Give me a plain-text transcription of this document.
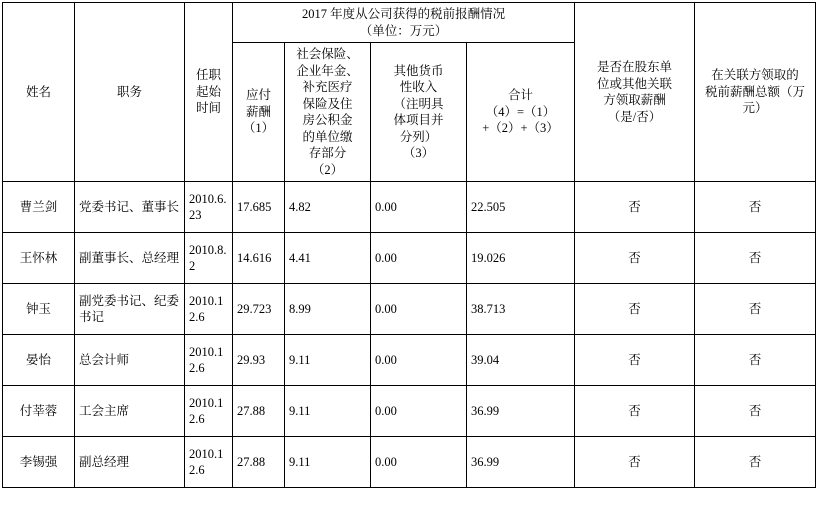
姓名	职务	
任职
起始
时间

2017 年度从公司获得的税前报酬情况
（单位：万元）

是否在股东单
位或其他关联
方领取薪酬
（是/否）

在关联方领取的
税前薪酬总额（万
元）

应付
薪酬
（1）

社会保险、
企业年金、
补充医疗
保险及住
房公积金
的单位缴
存部分
（2）

其他货币
性收入
（注明具
体项目并
分列）
（3）

合计
（4）=（1）
+（2）+（3）

曹兰剑	党委书记、董事长	2010.6.23	17.685	4.82	0.00	22.505	否	否
王怀林	副董事长、总经理	2010.8.2	14.616	4.41	0.00	19.026	否	否
钟玉	副党委书记、纪委书记	2010.12.6	29.723	8.99	0.00	38.713	否	否
晏怡	总会计师	2010.12.6	29.93	9.11	0.00	39.04	否	否
付莘蓉	工会主席	2010.12.6	27.88	9.11	0.00	36.99	否	否
李锡强	副总经理	2010.12.6	27.88	9.11	0.00	36.99	否	否
